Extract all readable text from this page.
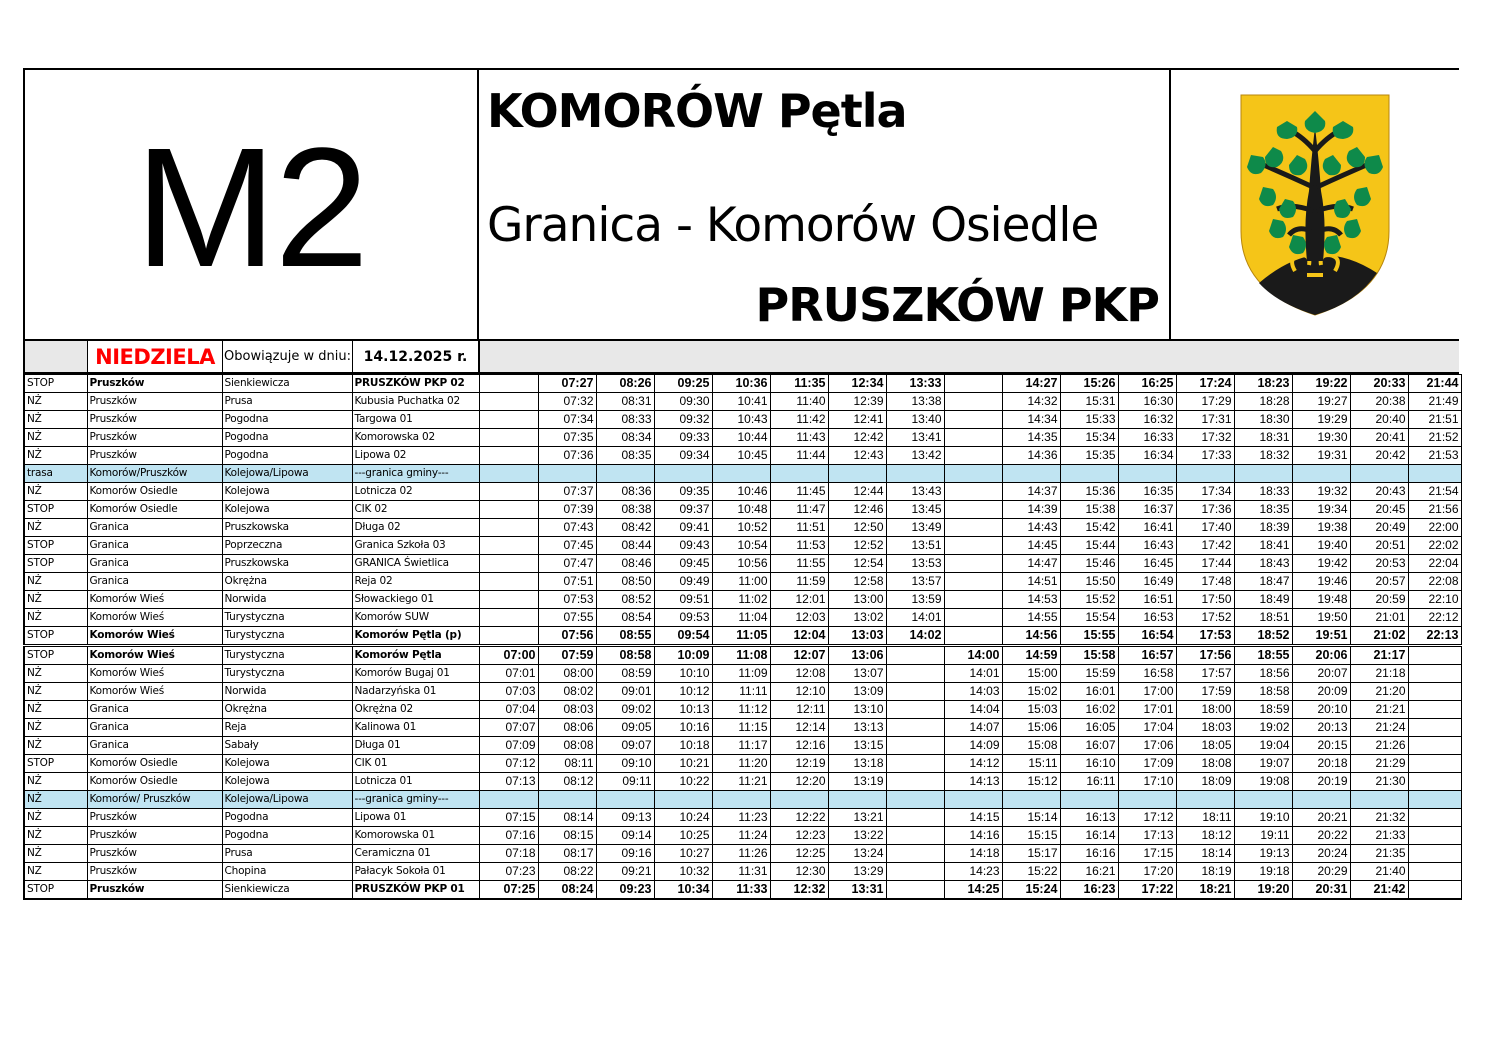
M2
KOMORÓW Pętla
Granica - Komorów Osiedle
PRUSZKÓW PKP
NIEDZIELA Obowiązuje w dniu: 14.12.2025 r.
STOP	Pruszków	Sienkiewicza	PRUSZKÓW PKP 02		07:27	08:26	09:25	10:36	11:35	12:34	13:33		14:27	15:26	16:25	17:24	18:23	19:22	20:33	21:44
NŻ	Pruszków	Prusa	Kubusia Puchatka 02		07:32	08:31	09:30	10:41	11:40	12:39	13:38		14:32	15:31	16:30	17:29	18:28	19:27	20:38	21:49
NŻ	Pruszków	Pogodna	Targowa 01		07:34	08:33	09:32	10:43	11:42	12:41	13:40		14:34	15:33	16:32	17:31	18:30	19:29	20:40	21:51
NŻ	Pruszków	Pogodna	Komorowska 02		07:35	08:34	09:33	10:44	11:43	12:42	13:41		14:35	15:34	16:33	17:32	18:31	19:30	20:41	21:52
NŻ	Pruszków	Pogodna	Lipowa 02		07:36	08:35	09:34	10:45	11:44	12:43	13:42		14:36	15:35	16:34	17:33	18:32	19:31	20:42	21:53
trasa	Komorów/Pruszków	Kolejowa/Lipowa	---granica gminy---																	
NŻ	Komorów Osiedle	Kolejowa	Lotnicza 02		07:37	08:36	09:35	10:46	11:45	12:44	13:43		14:37	15:36	16:35	17:34	18:33	19:32	20:43	21:54
STOP	Komorów Osiedle	Kolejowa	CIK 02		07:39	08:38	09:37	10:48	11:47	12:46	13:45		14:39	15:38	16:37	17:36	18:35	19:34	20:45	21:56
NŻ	Granica	Pruszkowska	Długa 02		07:43	08:42	09:41	10:52	11:51	12:50	13:49		14:43	15:42	16:41	17:40	18:39	19:38	20:49	22:00
STOP	Granica	Poprzeczna	Granica Szkoła 03		07:45	08:44	09:43	10:54	11:53	12:52	13:51		14:45	15:44	16:43	17:42	18:41	19:40	20:51	22:02
STOP	Granica	Pruszkowska	GRANICA Świetlica		07:47	08:46	09:45	10:56	11:55	12:54	13:53		14:47	15:46	16:45	17:44	18:43	19:42	20:53	22:04
NŻ	Granica	Okrężna	Reja 02		07:51	08:50	09:49	11:00	11:59	12:58	13:57		14:51	15:50	16:49	17:48	18:47	19:46	20:57	22:08
NŻ	Komorów Wieś	Norwida	Słowackiego 01		07:53	08:52	09:51	11:02	12:01	13:00	13:59		14:53	15:52	16:51	17:50	18:49	19:48	20:59	22:10
NŻ	Komorów Wieś	Turystyczna	Komorów SUW		07:55	08:54	09:53	11:04	12:03	13:02	14:01		14:55	15:54	16:53	17:52	18:51	19:50	21:01	22:12
STOP	Komorów Wieś	Turystyczna	Komorów Pętla (p)		07:56	08:55	09:54	11:05	12:04	13:03	14:02		14:56	15:55	16:54	17:53	18:52	19:51	21:02	22:13
STOP	Komorów Wieś	Turystyczna	Komorów Pętla	07:00	07:59	08:58	10:09	11:08	12:07	13:06		14:00	14:59	15:58	16:57	17:56	18:55	20:06	21:17	
NŻ	Komorów Wieś	Turystyczna	Komorów Bugaj 01	07:01	08:00	08:59	10:10	11:09	12:08	13:07		14:01	15:00	15:59	16:58	17:57	18:56	20:07	21:18	
NŻ	Komorów Wieś	Norwida	Nadarzyńska 01	07:03	08:02	09:01	10:12	11:11	12:10	13:09		14:03	15:02	16:01	17:00	17:59	18:58	20:09	21:20	
NŻ	Granica	Okrężna	Okrężna 02	07:04	08:03	09:02	10:13	11:12	12:11	13:10		14:04	15:03	16:02	17:01	18:00	18:59	20:10	21:21	
NŻ	Granica	Reja	Kalinowa 01	07:07	08:06	09:05	10:16	11:15	12:14	13:13		14:07	15:06	16:05	17:04	18:03	19:02	20:13	21:24	
NŻ	Granica	Sabały	Długa 01	07:09	08:08	09:07	10:18	11:17	12:16	13:15		14:09	15:08	16:07	17:06	18:05	19:04	20:15	21:26	
STOP	Komorów Osiedle	Kolejowa	CIK 01	07:12	08:11	09:10	10:21	11:20	12:19	13:18		14:12	15:11	16:10	17:09	18:08	19:07	20:18	21:29	
NŻ	Komorów Osiedle	Kolejowa	Lotnicza 01	07:13	08:12	09:11	10:22	11:21	12:20	13:19		14:13	15:12	16:11	17:10	18:09	19:08	20:19	21:30	
NŻ	Komorów/ Pruszków	Kolejowa/Lipowa	---granica gminy---																	
NŻ	Pruszków	Pogodna	Lipowa 01	07:15	08:14	09:13	10:24	11:23	12:22	13:21		14:15	15:14	16:13	17:12	18:11	19:10	20:21	21:32	
NŻ	Pruszków	Pogodna	Komorowska 01	07:16	08:15	09:14	10:25	11:24	12:23	13:22		14:16	15:15	16:14	17:13	18:12	19:11	20:22	21:33	
NŻ	Pruszków	Prusa	Ceramiczna 01	07:18	08:17	09:16	10:27	11:26	12:25	13:24		14:18	15:17	16:16	17:15	18:14	19:13	20:24	21:35	
NZ	Pruszków	Chopina	Pałacyk Sokoła 01	07:23	08:22	09:21	10:32	11:31	12:30	13:29		14:23	15:22	16:21	17:20	18:19	19:18	20:29	21:40	
STOP	Pruszków	Sienkiewicza	PRUSZKÓW PKP 01	07:25	08:24	09:23	10:34	11:33	12:32	13:31		14:25	15:24	16:23	17:22	18:21	19:20	20:31	21:42	
